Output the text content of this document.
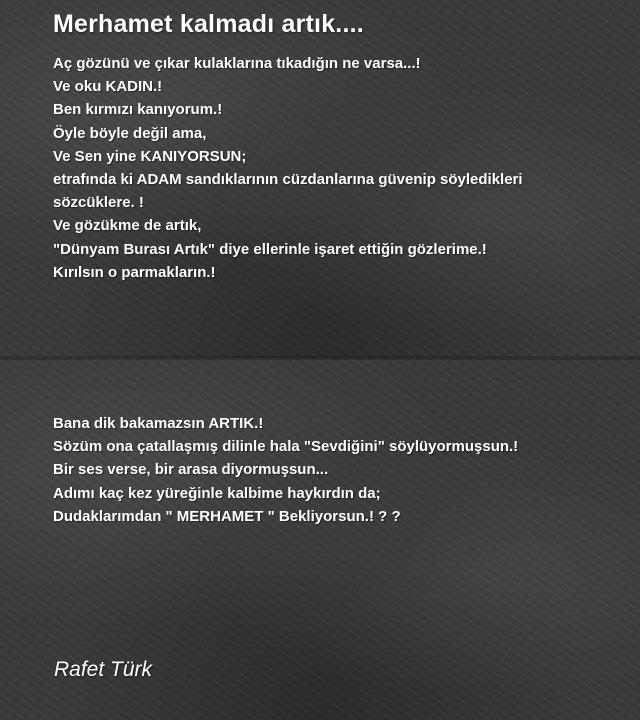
Merhamet kalmadı artık....
Aç gözünü ve çıkar kulaklarına tıkadığın ne varsa...!
Ve oku KADIN.!
Ben kırmızı kanıyorum.!
Öyle böyle değil ama,
Ve Sen yine KANIYORSUN;
etrafında ki ADAM sandıklarının cüzdanlarına güvenip söyledikleri
sözcüklere. !
Ve gözükme de artık,
"Dünyam Burası Artık" diye ellerinle işaret ettiğin gözlerime.!
Kırılsın o parmakların.!
Bana dik bakamazsın ARTIK.!
Sözüm ona çatallaşmış dilinle hala "Sevdiğini" söylüyormuşsun.!
Bir ses verse, bir arasa diyormuşsun...
Adımı kaç kez yüreğinle kalbime haykırdın da;
Dudaklarımdan " MERHAMET " Bekliyorsun.! ? ?
Rafet Türk
